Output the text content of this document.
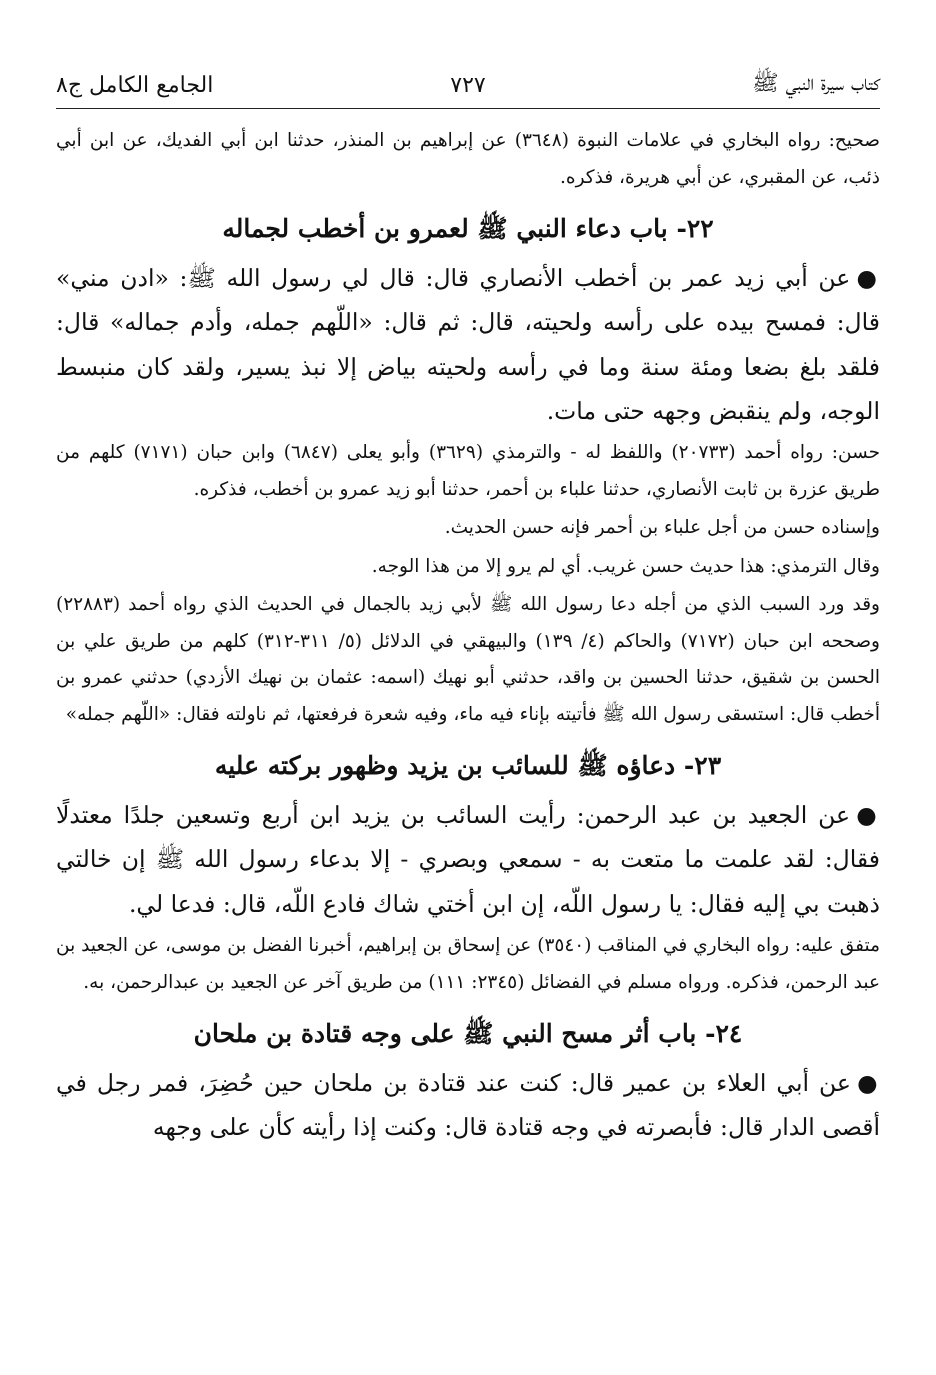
كتاب سيرة النبي ﷺ
٧٢٧
الجامع الكامل ج٨

صحيح: رواه البخاري في علامات النبوة (٣٦٤٨) عن إبراهيم بن المنذر، حدثنا ابن أبي الفديك، عن ابن أبي ذئب، عن المقبري، عن أبي هريرة، فذكره.

٢٢- باب دعاء النبي ﷺ لعمرو بن أخطب لجماله

●عن أبي زيد عمر بن أخطب الأنصاري قال: قال لي رسول الله ﷺ: «ادن مني» قال: فمسح بيده على رأسه ولحيته، قال: ثم قال: «اللّهم جمله، وأدم جماله» قال: فلقد بلغ بضعا ومئة سنة وما في رأسه ولحيته بياض إلا نبذ يسير، ولقد كان منبسط الوجه، ولم ينقبض وجهه حتى مات.

حسن: رواه أحمد (٢٠٧٣٣) واللفظ له - والترمذي (٣٦٢٩) وأبو يعلى (٦٨٤٧) وابن حبان (٧١٧١) كلهم من طريق عزرة بن ثابت الأنصاري، حدثنا علباء بن أحمر، حدثنا أبو زيد عمرو بن أخطب، فذكره.

وإسناده حسن من أجل علباء بن أحمر فإنه حسن الحديث.

وقال الترمذي: هذا حديث حسن غريب. أي لم يرو إلا من هذا الوجه.

وقد ورد السبب الذي من أجله دعا رسول الله ﷺ لأبي زيد بالجمال في الحديث الذي رواه أحمد (٢٢٨٨٣) وصححه ابن حبان (٧١٧٢) والحاكم (٤/ ١٣٩) والبيهقي في الدلائل (٥/ ٣١١-٣١٢) كلهم من طريق علي بن الحسن بن شقيق، حدثنا الحسين بن واقد، حدثني أبو نهيك (اسمه: عثمان بن نهيك الأزدي) حدثني عمرو بن أخطب قال: استسقى رسول الله ﷺ فأتيته بإناء فيه ماء، وفيه شعرة فرفعتها، ثم ناولته فقال: «اللّهم جمله»

٢٣- دعاؤه ﷺ للسائب بن يزيد وظهور بركته عليه

●عن الجعيد بن عبد الرحمن: رأيت السائب بن يزيد ابن أربع وتسعين جلدًا معتدلًا فقال: لقد علمت ما متعت به - سمعي وبصري - إلا بدعاء رسول الله ﷺ إن خالتي ذهبت بي إليه فقال: يا رسول اللّه، إن ابن أختي شاك فادع اللّه، قال: فدعا لي.

متفق عليه: رواه البخاري في المناقب (٣٥٤٠) عن إسحاق بن إبراهيم، أخبرنا الفضل بن موسى، عن الجعيد بن عبد الرحمن، فذكره. ورواه مسلم في الفضائل (٢٣٤٥: ١١١) من طريق آخر عن الجعيد بن عبدالرحمن، به.

٢٤- باب أثر مسح النبي ﷺ على وجه قتادة بن ملحان

●عن أبي العلاء بن عمير قال: كنت عند قتادة بن ملحان حين حُضِرَ، فمر رجل في أقصى الدار قال: فأبصرته في وجه قتادة قال: وكنت إذا رأيته كأن على وجهه
